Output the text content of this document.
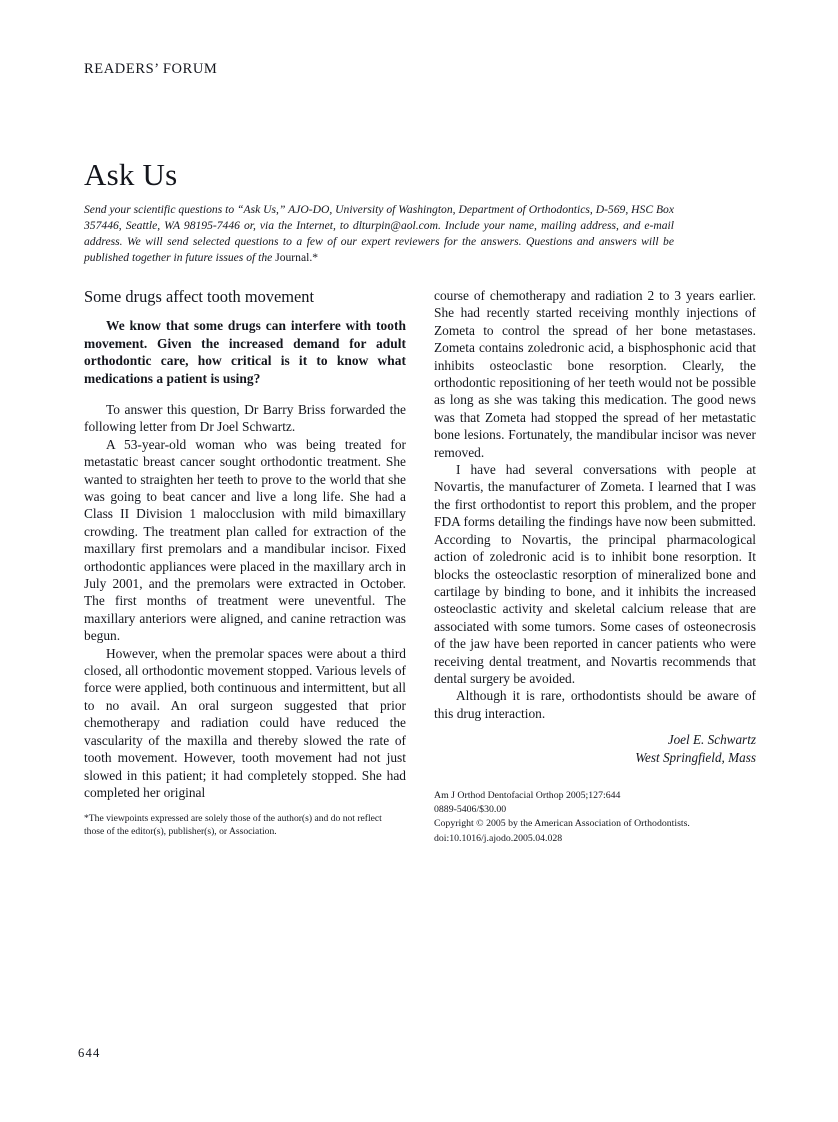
READERS’ FORUM
Ask Us

Send your scientific questions to “Ask Us,” AJO-DO, University of Washington, Department of Orthodontics, D-569, HSC Box 357446, Seattle, WA 98195-7446 or, via the Internet, to dlturpin@aol.com. Include your name, mailing address, and e-mail address. We will send selected questions to a few of our expert reviewers for the answers. Questions and answers will be published together in future issues of the Journal.*

Some drugs affect tooth movement

We know that some drugs can interfere with tooth movement. Given the increased demand for adult orthodontic care, how critical is it to know what medications a patient is using?

To answer this question, Dr Barry Briss forwarded the following letter from Dr Joel Schwartz.

A 53-year-old woman who was being treated for metastatic breast cancer sought orthodontic treatment. She wanted to straighten her teeth to prove to the world that she was going to beat cancer and live a long life. She had a Class II Division 1 malocclusion with mild bimaxillary crowding. The treatment plan called for extraction of the maxillary first premolars and a mandibular incisor. Fixed orthodontic appliances were placed in the maxillary arch in July 2001, and the premolars were extracted in October. The first months of treatment were uneventful. The maxillary anteriors were aligned, and canine retraction was begun.

However, when the premolar spaces were about a third closed, all orthodontic movement stopped. Various levels of force were applied, both continuous and intermittent, but all to no avail. An oral surgeon suggested that prior chemotherapy and radiation could have reduced the vascularity of the maxilla and thereby slowed the rate of tooth movement. However, tooth movement had not just slowed in this patient; it had completely stopped. She had completed her original

course of chemotherapy and radiation 2 to 3 years earlier. She had recently started receiving monthly injections of Zometa to control the spread of her bone metastases. Zometa contains zoledronic acid, a bisphosphonic acid that inhibits osteoclastic bone resorption. Clearly, the orthodontic repositioning of her teeth would not be possible as long as she was taking this medication. The good news was that Zometa had stopped the spread of her metastatic bone lesions. Fortunately, the mandibular incisor was never removed.

I have had several conversations with people at Novartis, the manufacturer of Zometa. I learned that I was the first orthodontist to report this problem, and the proper FDA forms detailing the findings have now been submitted. According to Novartis, the principal pharmacological action of zoledronic acid is to inhibit bone resorption. It blocks the osteoclastic resorption of mineralized bone and cartilage by binding to bone, and it inhibits the increased osteoclastic activity and skeletal calcium release that are associated with some tumors. Some cases of osteonecrosis of the jaw have been reported in cancer patients who were receiving dental treatment, and Novartis recommends that dental surgery be avoided.

Although it is rare, orthodontists should be aware of this drug interaction.

Joel E. Schwartz
West Springfield, Mass
*The viewpoints expressed are solely those of the author(s) and do not reflect
those of the editor(s), publisher(s), or Association.
Am J Orthod Dentofacial Orthop 2005;127:644
0889-5406/$30.00
Copyright © 2005 by the American Association of Orthodontists.
doi:10.1016/j.ajodo.2005.04.028
644
